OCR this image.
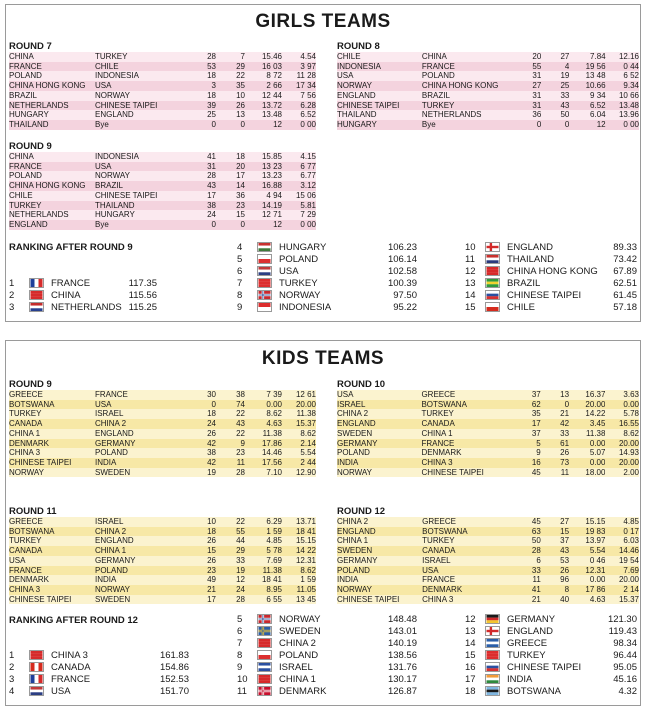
GIRLS TEAMS
ROUND 7
CHINA	TURKEY	28	7	15.46	4.54
FRANCE	CHILE	53	29	16 03	3 97
POLAND	INDONESIA	18	22	8 72	11 28
CHINA HONG KONG	USA	3	35	2 66	17 34
BRAZIL	NORWAY	18	10	12 44	7 56
NETHERLANDS	CHINESE TAIPEI	39	26	13.72	6.28
HUNGARY	ENGLAND	25	13	13.48	6.52
THAILAND	Bye	0	0	12	0 00
ROUND 8
CHILE	CHINA	20	27	7.84	12.16
INDONESIA	FRANCE	55	4	19 56	0 44
USA	POLAND	31	19	13 48	6 52
NORWAY	CHINA HONG KONG	27	25	10.66	9.34
ENGLAND	BRAZIL	31	33	9 34	10 66
CHINESE TAIPEI	TURKEY	31	43	6.52	13.48
THAILAND	NETHERLANDS	36	50	6.04	13.96
HUNGARY	Bye	0	0	12	0 00
ROUND 9
CHINA	INDONESIA	41	18	15.85	4.15
FRANCE	USA	31	20	13 23	6 77
POLAND	NORWAY	28	17	13.23	6.77
CHINA HONG KONG	BRAZIL	43	14	16.88	3.12
CHILE	CHINESE TAIPEI	17	36	4 94	15 06
TURKEY	THAILAND	38	23	14.19	5.81
NETHERLANDS	HUNGARY	24	15	12 71	7 29
ENGLAND	Bye	0	0	12	0 00
RANKING AFTER ROUND 9
1		FRANCE	117.35
2		CHINA	115.56
3		NETHERLANDS	115.25
4		HUNGARY	106.23
5		POLAND	106.14
6		USA	102.58
7		TURKEY	100.39
8		NORWAY	97.50
9		INDONESIA	95.22
10		ENGLAND	89.33
11		THAILAND	73.42
12		CHINA HONG KONG	67.89
13		BRAZIL	62.51
14		CHINESE TAIPEI	61.45
15		CHILE	57.18
KIDS TEAMS
ROUND 9
GREECE	FRANCE	30	38	7 39	12 61
BOTSWANA	USA	0	74	0.00	20.00
TURKEY	ISRAEL	18	22	8.62	11.38
CANADA	CHINA 2	24	43	4.63	15.37
CHINA 1	ENGLAND	26	22	11.38	8.62
DENMARK	GERMANY	42	9	17.86	2.14
CHINA 3	POLAND	38	23	14.46	5.54
CHINESE TAIPEI	INDIA	42	11	17.56	2 44
NORWAY	SWEDEN	19	28	7.10	12.90
ROUND 10
USA	GREECE	37	13	16.37	3.63
ISRAEL	BOTSWANA	62	0	20.00	0.00
CHINA 2	TURKEY	35	21	14.22	5.78
ENGLAND	CANADA	17	42	3.45	16.55
SWEDEN	CHINA 1	37	33	11.38	8.62
GERMANY	FRANCE	5	61	0.00	20.00
POLAND	DENMARK	9	26	5.07	14.93
INDIA	CHINA 3	16	73	0.00	20.00
NORWAY	CHINESE TAIPEI	45	11	18.00	2.00
ROUND 11
GREECE	ISRAEL	10	22	6.29	13.71
BOTSWANA	CHINA 2	18	55	1 59	18 41
TURKEY	ENGLAND	26	44	4.85	15.15
CANADA	CHINA 1	15	29	5 78	14 22
USA	GERMANY	26	33	7.69	12.31
FRANCE	POLAND	23	19	11.38	8.62
DENMARK	INDIA	49	12	18 41	1 59
CHINA 3	NORWAY	21	24	8.95	11.05
CHINESE TAIPEI	SWEDEN	17	28	6 55	13 45
ROUND 12
CHINA 2	GREECE	45	27	15.15	4.85
ENGLAND	BOTSWANA	63	15	19 83	0 17
CHINA 1	TURKEY	50	37	13.97	6.03
SWEDEN	CANADA	28	43	5.54	14.46
GERMANY	ISRAEL	6	53	0 46	19 54
POLAND	USA	33	26	12.31	7.69
INDIA	FRANCE	11	96	0.00	20.00
NORWAY	DENMARK	41	8	17 86	2 14
CHINESE TAIPEI	CHINA 3	21	40	4.63	15.37
RANKING AFTER ROUND 12
1		CHINA 3	161.83
2		CANADA	154.86
3		FRANCE	152.53
4		USA	151.70
5		NORWAY	148.48
6		SWEDEN	143.01
7		CHINA 2	140.19
8		POLAND	138.56
9		ISRAEL	131.76
10		CHINA 1	130.17
11		DENMARK	126.87
12		GERMANY	121.30
13		ENGLAND	119.43
14		GREECE	98.34
15		TURKEY	96.44
16		CHINESE TAIPEI	95.05
17		INDIA	45.16
18		BOTSWANA	4.32
